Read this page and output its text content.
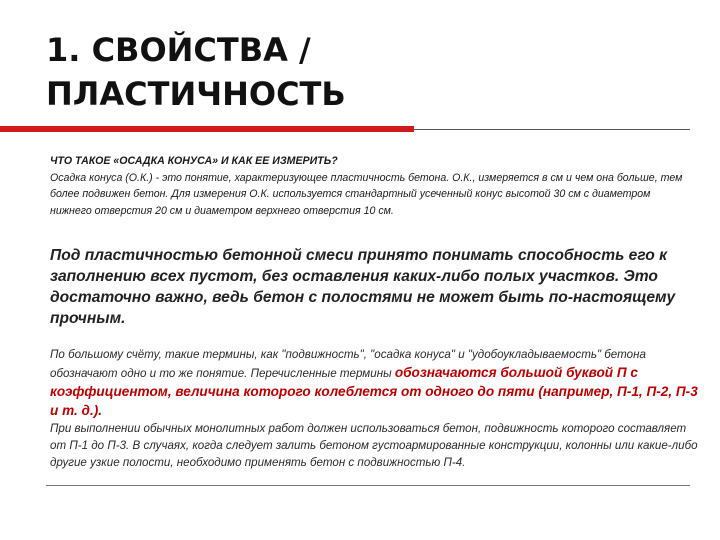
1. СВОЙСТВА /
ПЛАСТИЧНОСТЬ
ЧТО ТАКОЕ «ОСАДКА КОНУСА» И КАК ЕЕ ИЗМЕРИТЬ?
Осадка конуса (О.К.) - это понятие, характеризующее пластичность бетона. О.К., измеряется в см и чем она больше, тем более подвижен бетон. Для измерения О.К. используется стандартный усеченный конус высотой 30 см с диаметром нижнего отверстия 20 см и диаметром верхнего отверстия 10 см.

Под пластичностью бетонной смеси принято понимать способность его к заполнению всех пустот, без оставления каких-либо полых участков. Это достаточно важно, ведь бетон с полостями не может быть по-настоящему прочным.

По большому счёту, такие термины, как "подвижность", "осадка конуса" и "удобоукладываемость" бетона обозначают одно и то же понятие. Перечисленные термины обозначаются большой буквой П с коэффициентом, величина которого колеблется от одного до пяти (например, П-1, П-2, П-3 и т. д.).
При выполнении обычных монолитных работ должен использоваться бетон, подвижность которого составляет от П-1 до П-3. В случаях, когда следует залить бетоном густоармированные конструкции, колонны или какие-либо другие узкие полости, необходимо применять бетон с подвижностью П-4.
